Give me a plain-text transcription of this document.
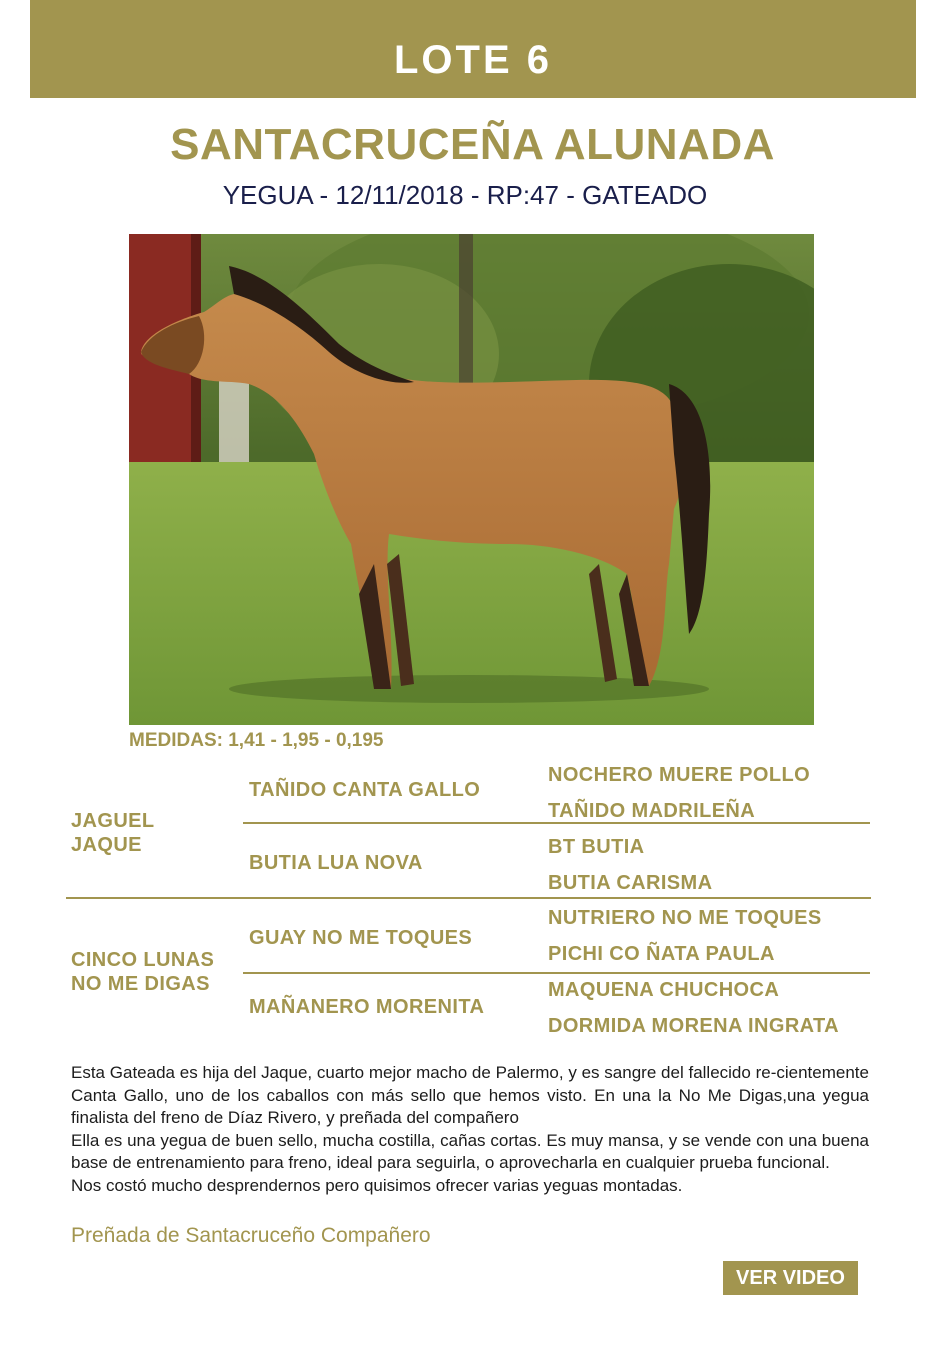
LOTE 6
SANTACRUCEÑA ALUNADA
YEGUA - 12/11/2018 - RP:47 - GATEADO
MEDIDAS: 1,41 - 1,95 - 0,195
JAGUEL
JAQUE
TAÑIDO CANTA GALLO
NOCHERO MUERE POLLO
TAÑIDO MADRILEÑA
BUTIA LUA NOVA
BT BUTIA
BUTIA CARISMA
CINCO LUNAS
NO ME DIGAS
GUAY NO ME TOQUES
NUTRIERO NO ME TOQUES
PICHI CO ÑATA PAULA
MAÑANERO MORENITA
MAQUENA CHUCHOCA
DORMIDA MORENA INGRATA

Esta Gateada es hija del Jaque, cuarto mejor macho de Palermo, y es sangre del fallecido re-cientemente Canta Gallo, uno de los caballos con más sello que hemos visto. En una la No Me Digas,una yegua finalista del freno de Díaz Rivero, y preñada del compañero

Ella es una yegua de buen sello, mucha costilla, cañas cortas. Es muy mansa, y se vende con una buena base de entrenamiento para freno, ideal para seguirla, o aprovecharla en cualquier prueba funcional.

Nos costó mucho desprendernos pero quisimos ofrecer varias yeguas montadas.

Preñada de Santacruceño Compañero
VER VIDEO
